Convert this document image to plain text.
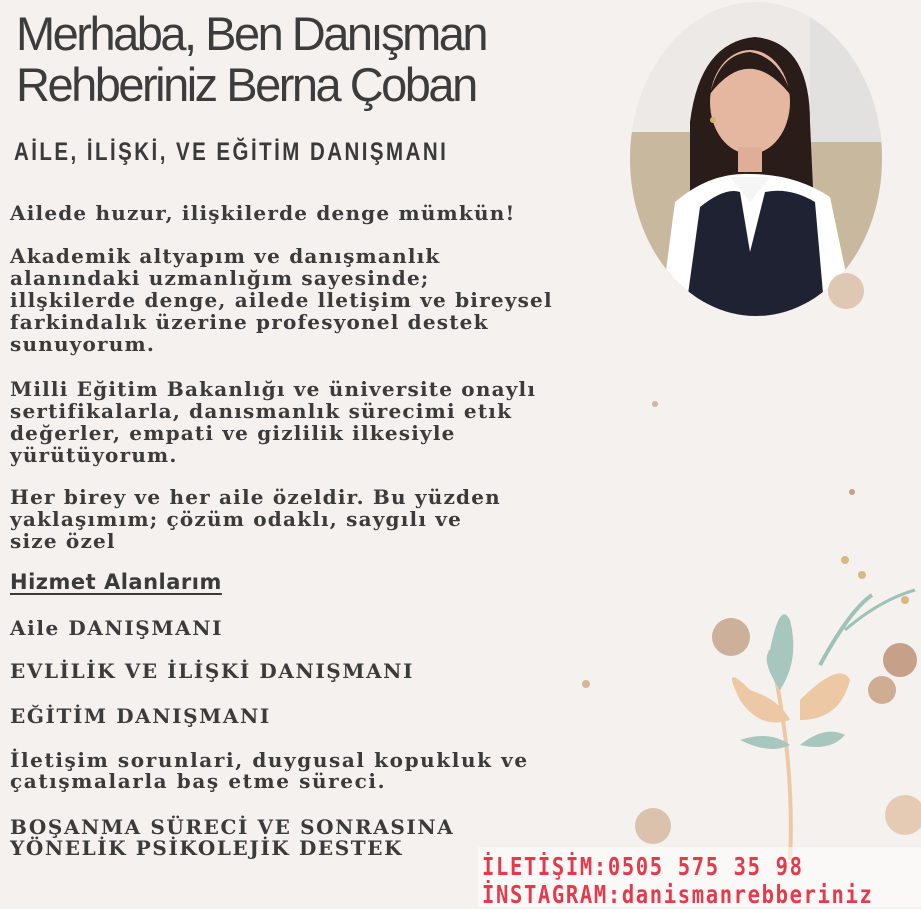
Merhaba, Ben Danışman
Rehberiniz Berna Çoban
AİLE, İLİŞKİ, VE EĞİTİM DANIŞMANI
Ailede huzur, ilişkilerde denge mümkün!
Akademik altyapım ve danışmanlık
alanındaki uzmanlığım sayesinde;
illşkilerde denge, ailede lletişim ve bireysel
farkindalık üzerine profesyonel destek
sunuyorum.
Milli Eğitim Bakanlığı ve üniversite onaylı
sertifikalarla, danısmanlık sürecimi etık
değerler, empati ve gizlilik ilkesiyle
yürütüyorum.
Her birey ve her aile özeldir. Bu yüzden
yaklaşımım; çözüm odaklı, saygılı ve
size özel
Hizmet Alanlarım
Aile DANIŞMANI
EVLİLİK VE İLİŞKİ DANIŞMANI
EĞİTİM DANIŞMANI
İletişim sorunlari, duygusal kopukluk ve
çatışmalarla baş etme süreci.
BOŞANMA SÜRECİ VE SONRASINA
YÖNELİK PSİKOLEJİK DESTEK
İLETİŞİM:0505 575 35 98
İNSTAGRAM:danismanrebberiniz
